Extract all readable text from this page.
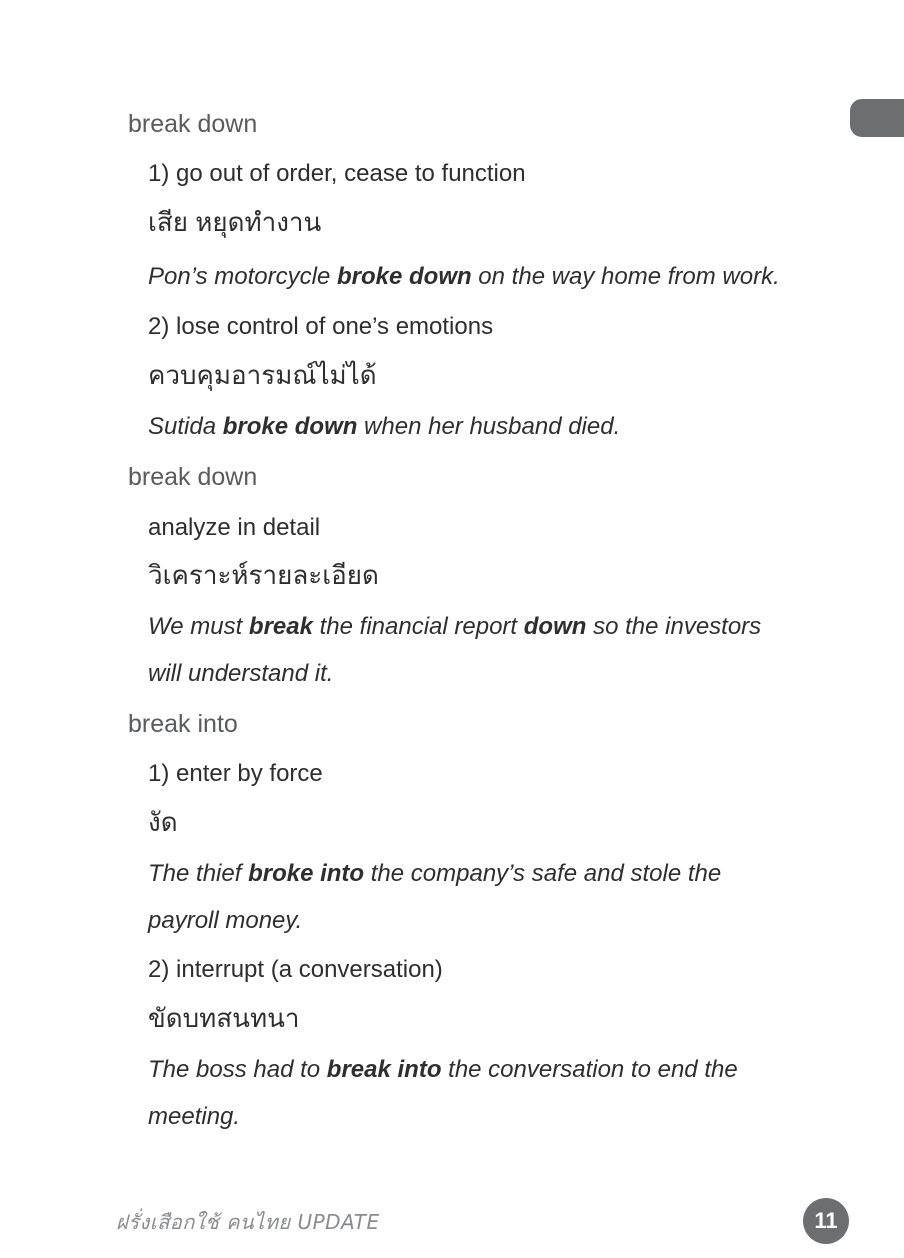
break down
1) go out of order, cease to function
เสีย หยุดทำงาน
Pon’s motorcycle broke down on the way home from work.
2) lose control of one’s emotions
ควบคุมอารมณ์ไม่ได้
Sutida broke down when her husband died.
break down
analyze in detail
วิเคราะห์รายละเอียด
We must break the financial report down so the investors
will understand it.
break into
1) enter by force
งัด
The thief broke into the company’s safe and stole the
payroll money.
2) interrupt (a conversation)
ขัดบทสนทนา
The boss had to break into the conversation to end the
meeting.
ฝรั่งเสือกใช้ คนไทย UPDATE	11
